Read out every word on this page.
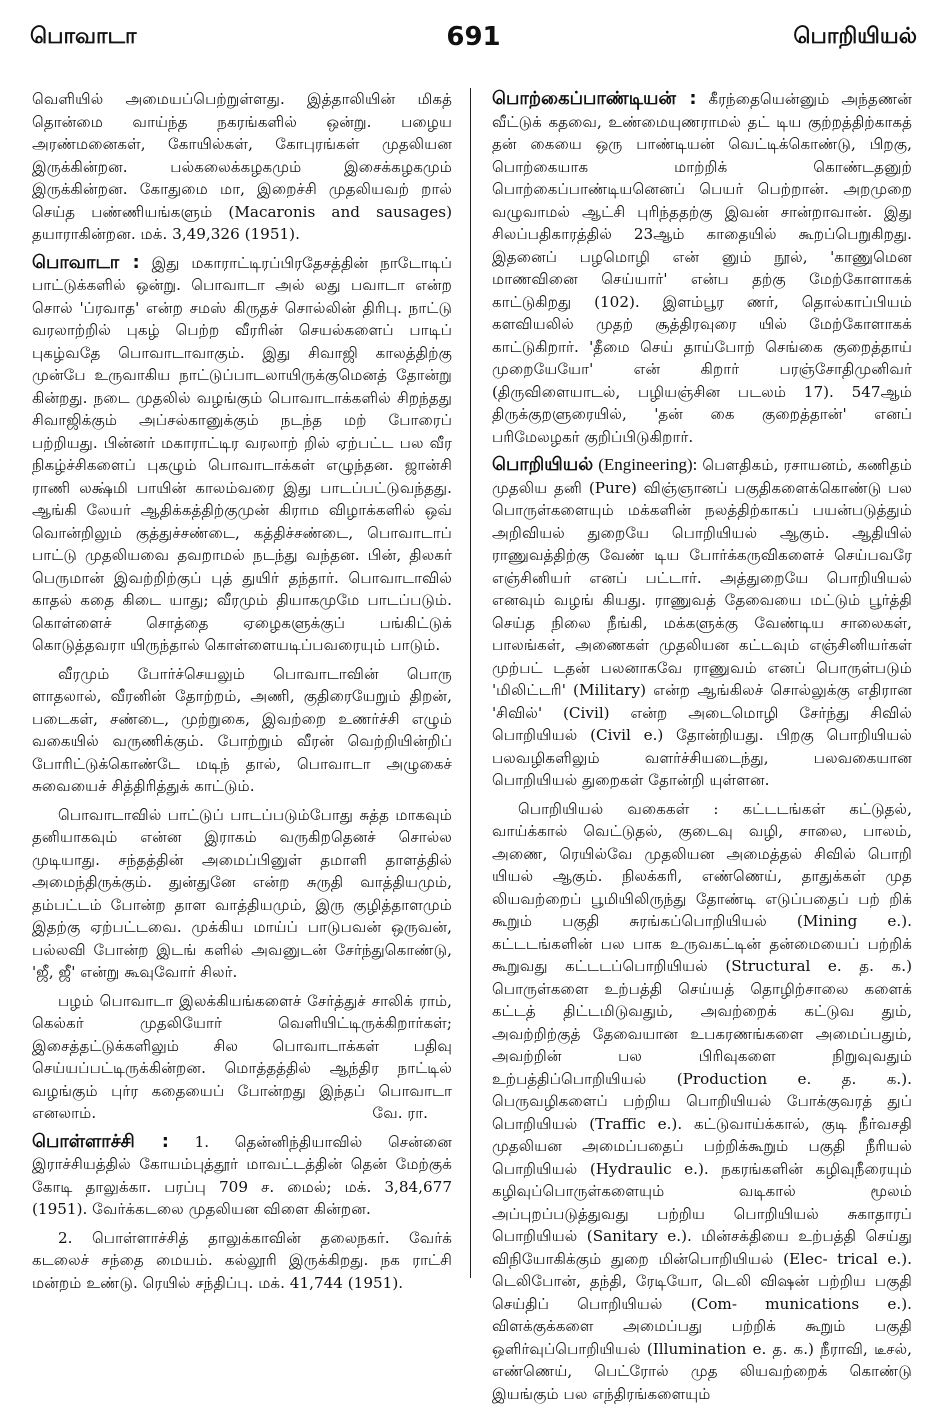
பொவாடா	691	பொறியியல்

வெளியில் அமையப்பெற்றுள்ளது. இத்தாலியின் மிகத் தொன்மை வாய்ந்த நகரங்களில் ஒன்று. பழைய அரண்மனைகள், கோயில்கள், கோபுரங்கள் முதலியன இருக்கின்றன. பல்கலைக்கழகமும் இசைக்கழகமும் இருக்கின்றன. கோதுமை மா, இறைச்சி முதலியவற் றால் செய்த பண்ணியங்களும் (Macaronis and sausages) தயாராகின்றன. மக். 3,49,326 (1951).

பொவாடா : இது மகாராட்டிரப்பிரதேசத்தின் நாடோடிப் பாட்டுக்களில் ஒன்று. பொவாடா அல் லது பவாடா என்ற சொல் 'ப்ரவாத' என்ற சமஸ் கிருதச் சொல்லின் திரிபு. நாட்டு வரலாற்றில் புகழ் பெற்ற வீரரின் செயல்களைப் பாடிப் புகழ்வதே பொவாடாவாகும். இது சிவாஜி காலத்திற்கு முன்பே உருவாகிய நாட்டுப்பாடலாயிருக்குமெனத் தோன்று கின்றது. நடை முதலில் வழங்கும் பொவாடாக்களில் சிறந்தது சிவாஜிக்கும் அப்சல்கானுக்கும் நடந்த மற் போரைப் பற்றியது. பின்னர் மகாராட்டிர வரலாற் றில் ஏற்பட்ட பல வீர நிகழ்ச்சிகளைப் புகழும் பொவாடாக்கள் எழுந்தன. ஜான்சி ராணி லக்ஷ்மி பாயின் காலம்வரை இது பாடப்பட்டுவந்தது. ஆங்கி லேயர் ஆதிக்கத்திற்குமுன் கிராம விழாக்களில் ஒவ் வொன்றிலும் குத்துச்சண்டை, கத்திச்சண்டை, பொவாடாப் பாட்டு முதலியவை தவறாமல் நடந்து வந்தன. பின், திலகர் பெருமான் இவற்றிற்குப் புத் துயிர் தந்தார். பொவாடாவில் காதல் கதை கிடை யாது; வீரமும் தியாகமுமே பாடப்படும். கொள்ளைச் சொத்தை ஏழைகளுக்குப் பங்கிட்டுக் கொடுத்தவரா யிருந்தால் கொள்ளையடிப்பவரையும் பாடும்.

வீரமும் போர்ச்செயலும் பொவாடாவின் பொரு ளாதலால், வீரனின் தோற்றம், அணி, குதிரையேறும் திறன், படைகள், சண்டை, முற்றுகை, இவற்றை உணர்ச்சி எழும் வகையில் வருணிக்கும். போற்றும் வீரன் வெற்றியின்றிப் போரிட்டுக்கொண்டே மடிந் தால், பொவாடா அழுகைச் சுவையைச் சித்திரித்துக் காட்டும்.

பொவாடாவில் பாட்டுப் பாடப்படும்போது சுத்த மாகவும் தனியாகவும் என்ன இராகம் வருகிறதெனச் சொல்ல முடியாது. சந்தத்தின் அமைப்பினுள் தமாளி தாளத்தில் அமைந்திருக்கும். துன்துனே என்ற சுருதி வாத்தியமும், தம்பட்டம் போன்ற தாள வாத்தியமும், இரு குழித்தாளமும் இதற்கு ஏற்பட்டவை. முக்கிய மாய்ப் பாடுபவன் ஒருவன், பல்லவி போன்ற இடங் களில் அவனுடன் சேர்ந்துகொண்டு, 'ஜீ, ஜீ' என்று கூவுவோர் சிலர்.

பழம் பொவாடா இலக்கியங்களைச் சேர்த்துச் சாலிக் ராம், கெல்கர் முதலியோர் வெளியிட்டிருக்கிறார்கள்; இசைத்தட்டுக்களிலும் சில பொவாடாக்கள் பதிவு செய்யப்பட்டிருக்கின்றன. மொத்தத்தில் ஆந்திர நாட்டில் வழங்கும் புர்ர கதையைப் போன்றது இந்தப் பொவாடா எனலாம்.	வே. ரா.

பொள்ளாச்சி : 1. தென்னிந்தியாவில் சென்னை இராச்சியத்தில் கோயம்புத்தூர் மாவட்டத்தின் தென் மேற்குக் கோடி தாலுக்கா. பரப்பு 709 ச. மைல்; மக். 3,84,677 (1951). வேர்க்கடலை முதலியன விளை கின்றன.

2. பொள்ளாச்சித் தாலுக்காவின் தலைநகர். வேர்க் கடலைச் சந்தை மையம். கல்லூரி இருக்கிறது. நக ராட்சி மன்றம் உண்டு. ரெயில் சந்திப்பு. மக். 41,744 (1951).

பொற்கைப்பாண்டியன் : கீரந்தையென்னும் அந்தணன் வீட்டுக் கதவை, உண்மையுணராமல் தட் டிய குற்றத்திற்காகத் தன் கையை ஒரு பாண்டியன் வெட்டிக்கொண்டு, பிறகு, பொற்கையாக மாற்றிக் கொண்டதனுற் பொற்கைப்பாண்டியனெனப் பெயர் பெற்றான். அறமுறை வழுவாமல் ஆட்சி புரிந்ததற்கு இவன் சான்றாவான். இது சிலப்பதிகாரத்தில் 23ஆம் காதையில் கூறப்பெறுகிறது. இதனைப் பழமொழி என் னும் நூல், 'காணுமென மாணவினை செய்யார்' என்ப தற்கு மேற்கோளாகக் காட்டுகிறது (102). இளம்பூர ணர், தொல்காப்பியம் களவியலில் முதற் சூத்திரவுரை யில் மேற்கோளாகக் காட்டுகிறார். 'தீமை செய் தாய்போற் செங்கை குறைத்தாய் முறையேயோ' என் கிறார் பரஞ்சோதிமுனிவர் (திருவிளையாடல், பழியஞ்சின படலம் 17). 547ஆம் திருக்குறளுரையில், 'தன் கை குறைத்தான்' எனப் பரிமேலழகர் குறிப்பிடுகிறார்.

பொறியியல் (Engineering): பௌதிகம், ரசாயனம், கணிதம் முதலிய தனி (Pure) விஞ்ஞானப் பகுதிகளைக்கொண்டு பல பொருள்களையும் மக்களின் நலத்திற்காகப் பயன்படுத்தும் அறிவியல் துறையே பொறியியல் ஆகும். ஆதியில் ராணுவத்திற்கு வேண் டிய போர்க்கருவிகளைச் செய்பவரே எஞ்சினியர் எனப் பட்டார். அத்துறையே பொறியியல் எனவும் வழங் கியது. ராணுவத் தேவையை மட்டும் பூர்த்தி செய்த நிலை நீங்கி, மக்களுக்கு வேண்டிய சாலைகள், பாலங்கள், அணைகள் முதலியன கட்டவும் எஞ்சினியர்கள் முற்பட் டதன் பலனாகவே ராணுவம் எனப் பொருள்படும் 'மிலிட்டரி' (Military) என்ற ஆங்கிலச் சொல்லுக்கு எதிரான 'சிவில்' (Civil) என்ற அடைமொழி சேர்ந்து சிவில் பொறியியல் (Civil e.) தோன்றியது. பிறகு பொறியியல் பலவழிகளிலும் வளர்ச்சியடைந்து, பலவகையான பொறியியல் துறைகள் தோன்றி யுள்ளன.

பொறியியல் வகைகள் : கட்டடங்கள் கட்டுதல், வாய்க்கால் வெட்டுதல், குடைவு வழி, சாலை, பாலம், அணை, ரெயில்வே முதலியன அமைத்தல் சிவில் பொறி யியல் ஆகும். நிலக்கரி, எண்ணெய், தாதுக்கள் முத லியவற்றைப் பூமியிலிருந்து தோண்டி எடுப்பதைப் பற் றிக் கூறும் பகுதி சுரங்கப்பொறியியல் (Mining e.). கட்டடங்களின் பல பாக உருவகட்டின் தன்மையைப் பற்றிக் கூறுவது கட்டடப்பொறியியல் (Structural e. த. க.) பொருள்களை உற்பத்தி செய்யத் தொழிற்சாலை களைக் கட்டத் திட்டமிடுவதும், அவற்றைக் கட்டுவ தும், அவற்றிற்குத் தேவையான உபகரணங்களை அமைப்பதும், அவற்றின் பல பிரிவுகளை நிறுவுவதும் உற்பத்திப்பொறியியல் (Production e. த. க.). பெருவழிகளைப் பற்றிய பொறியியல் போக்குவரத் துப் பொறியியல் (Traffic e.). கட்டுவாய்க்கால், குடி நீர்வசதி முதலியன அமைப்பதைப் பற்றிக்கூறும் பகுதி நீரியல் பொறியியல் (Hydraulic e.). நகரங்களின் கழிவுநீரையும் கழிவுப்பொருள்களையும் வடிகால் மூலம் அப்புறப்படுத்துவது பற்றிய பொறியியல் சுகாதாரப் பொறியியல் (Sanitary e.). மின்சக்தியை உற்பத்தி செய்து விநியோகிக்கும் துறை மின்பொறியியல் (Elec- trical e.). டெலிபோன், தந்தி, ரேடியோ, டெலி விஷன் பற்றிய பகுதி செய்திப் பொறியியல் (Com- munications e.). விளக்குக்களை அமைப்பது பற்றிக் கூறும் பகுதி ஒளிர்வுப்பொறியியல் (Illumination e. த. க.) நீராவி, டீசல், எண்ணெய், பெட்ரோல் முத லியவற்றைக் கொண்டு இயங்கும் பல எந்திரங்களையும்
